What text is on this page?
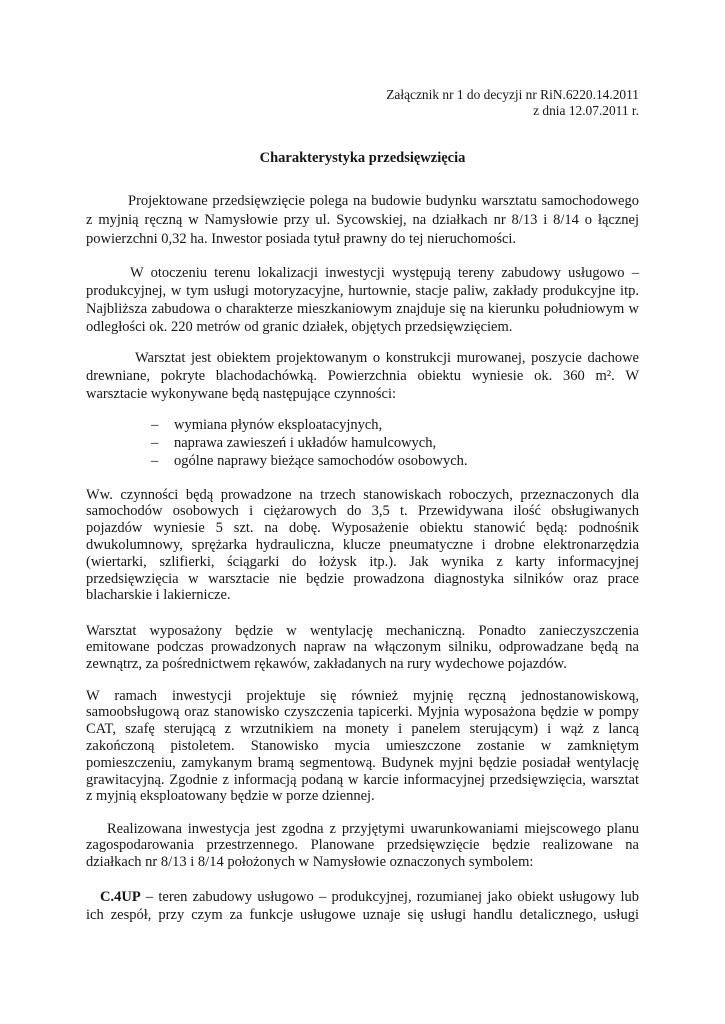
Załącznik nr 1 do decyzji nr RiN.6220.14.2011
z dnia 12.07.2011 r.
Charakterystyka przedsięwzięcia
Projektowane przedsięwzięcie polega na budowie budynku warsztatu samochodowego
z myjnią ręczną w Namysłowie przy ul. Sycowskiej, na działkach nr 8/13 i 8/14 o łącznej
powierzchni 0,32 ha. Inwestor posiada tytuł prawny do tej nieruchomości.
W otoczeniu terenu lokalizacji inwestycji występują tereny zabudowy usługowo –
produkcyjnej, w tym usługi motoryzacyjne, hurtownie, stacje paliw, zakłady produkcyjne itp.
Najbliższa zabudowa o charakterze mieszkaniowym znajduje się na kierunku południowym w
odległości ok. 220 metrów od granic działek, objętych przedsięwzięciem.
Warsztat jest obiektem projektowanym o konstrukcji murowanej, poszycie dachowe
drewniane, pokryte blachodachówką. Powierzchnia obiektu wyniesie ok. 360 m². W
warsztacie wykonywane będą następujące czynności:
– wymiana płynów eksploatacyjnych,
– naprawa zawieszeń i układów hamulcowych,
– ogólne naprawy bieżące samochodów osobowych.
Ww. czynności będą prowadzone na trzech stanowiskach roboczych, przeznaczonych dla
samochodów osobowych i ciężarowych do 3,5 t. Przewidywana ilość obsługiwanych
pojazdów wyniesie 5 szt. na dobę. Wyposażenie obiektu stanowić będą: podnośnik
dwukolumnowy, sprężarka hydrauliczna, klucze pneumatyczne i drobne elektronarzędzia
(wiertarki, szlifierki, ściągarki do łożysk itp.). Jak wynika z karty informacyjnej
przedsięwzięcia w warsztacie nie będzie prowadzona diagnostyka silników oraz prace
blacharskie i lakiernicze.
Warsztat wyposażony będzie w wentylację mechaniczną. Ponadto zanieczyszczenia
emitowane podczas prowadzonych napraw na włączonym silniku, odprowadzane będą na
zewnątrz, za pośrednictwem rękawów, zakładanych na rury wydechowe pojazdów.
W ramach inwestycji projektuje się również myjnię ręczną jednostanowiskową,
samoobsługową oraz stanowisko czyszczenia tapicerki. Myjnia wyposażona będzie w pompy
CAT, szafę sterującą z wrzutnikiem na monety i panelem sterującym) i wąż z lancą
zakończoną pistoletem. Stanowisko mycia umieszczone zostanie w zamkniętym
pomieszczeniu, zamykanym bramą segmentową. Budynek myjni będzie posiadał wentylację
grawitacyjną. Zgodnie z informacją podaną w karcie informacyjnej przedsięwzięcia, warsztat
z myjnią eksploatowany będzie w porze dziennej.
Realizowana inwestycja jest zgodna z przyjętymi uwarunkowaniami miejscowego planu
zagospodarowania przestrzennego. Planowane przedsięwzięcie będzie realizowane na
działkach nr 8/13 i 8/14 położonych w Namysłowie oznaczonych symbolem:
C.4UP – teren zabudowy usługowo – produkcyjnej, rozumianej jako obiekt usługowy lub
ich zespół, przy czym za funkcje usługowe uznaje się usługi handlu detalicznego, usługi
